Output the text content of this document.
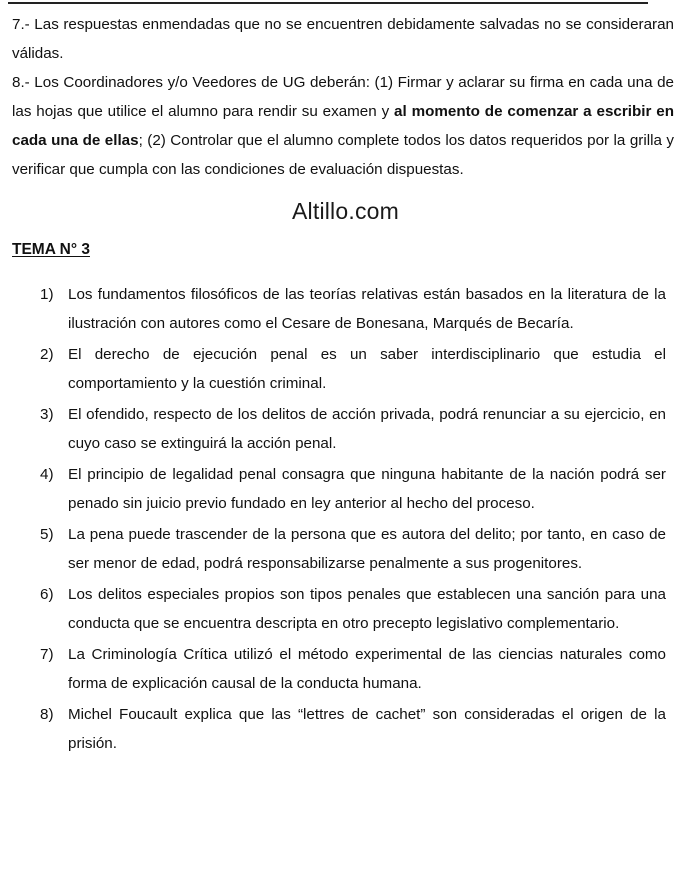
7.- Las respuestas enmendadas que no se encuentren debidamente salvadas no se consideraran válidas.

8.- Los Coordinadores y/o Veedores de UG deberán: (1) Firmar y aclarar su firma en cada una de las hojas que utilice el alumno para rendir su examen y al momento de comenzar a escribir en cada una de ellas; (2) Controlar que el alumno complete todos los datos requeridos por la grilla y verificar que cumpla con las condiciones de evaluación dispuestas.

Altillo.com
TEMA N° 3
1) Los fundamentos filosóficos de las teorías relativas están basados en la literatura de la ilustración con autores como el Cesare de Bonesana, Marqués de Becaría.
2) El derecho de ejecución penal es un saber interdisciplinario que estudia el comportamiento y la cuestión criminal.
3) El ofendido, respecto de los delitos de acción privada, podrá renunciar a su ejercicio, en cuyo caso se extinguirá la acción penal.
4) El principio de legalidad penal consagra que ninguna habitante de la nación podrá ser penado sin juicio previo fundado en ley anterior al hecho del proceso.
5) La pena puede trascender de la persona que es autora del delito; por tanto, en caso de ser menor de edad, podrá responsabilizarse penalmente a sus progenitores.
6) Los delitos especiales propios son tipos penales que establecen una sanción para una conducta que se encuentra descripta en otro precepto legislativo complementario.
7) La Criminología Crítica utilizó el método experimental de las ciencias naturales como forma de explicación causal de la conducta humana.
8) Michel Foucault explica que las “lettres de cachet” son consideradas el origen de la prisión.
